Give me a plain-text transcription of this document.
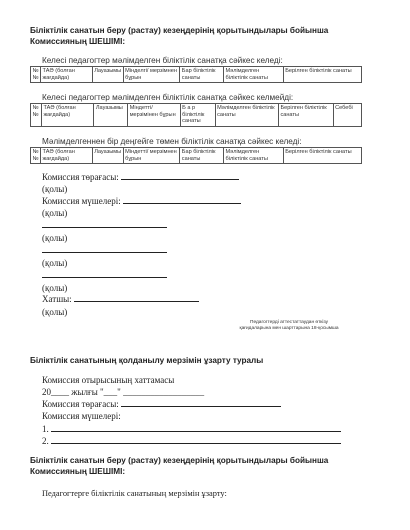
Біліктілік санатын беру (растау) кезеңдерінің қорытындылары бойынша Комиссияның ШЕШІМІ:
Келесі педагогтер мәлімделген біліктілік санатқа сәйкес келеді:
№ №	ТАӘ (болған жағдайда)	Лауазымы	Мінделгі/ мерзімнен бұрын	Бар біліктілік санаты	Мәлімделген біліктілік санаты	Берілген біліктілік санаты
Келесі педагогтер мәлімделген біліктілік санатқа сәйкес келмейді:
№ №	ТАӘ (болған жағдайда)	Лауазымы	Міндетті/ мерзімінен бұрын	Б а р біліктілік санаты	Мәлімделген біліктілік санаты	Берілген біліктілік санаты	Себебі
Мәлімделгеннен бір деңгейге төмен біліктілік санатқа сәйкес келеді:
№ №	ТАӘ (болған жағдайда)	Лауазымы	Міндетті/ мерзімнен бұрын	Бар біліктілік санаты	Мәлімделген біліктілік санаты	Берілген біліктілік санаты
Комиссия төрағасы:
(қолы)
Комиссия мүшелері:
(қолы)
(қолы)
(қолы)
(қолы)
Хатшы:
(қолы)
Педагогтерді аттестаттаудан өткізу қағидаларына мен шарттарына 18-қосымша
Біліктілік санатының қолданылу мерзімін ұзарту туралы
Комиссия отырысының хаттамасы
20____ жылғы "___" __________________
Комиссия төрағасы:
Комиссия мүшелері:
1.
2.
Біліктілік санатын беру (растау) кезеңдерінің қорытындылары бойынша Комиссияның ШЕШІМІ:
Педагогтерге біліктілік санатының мерзімін ұзарту:
